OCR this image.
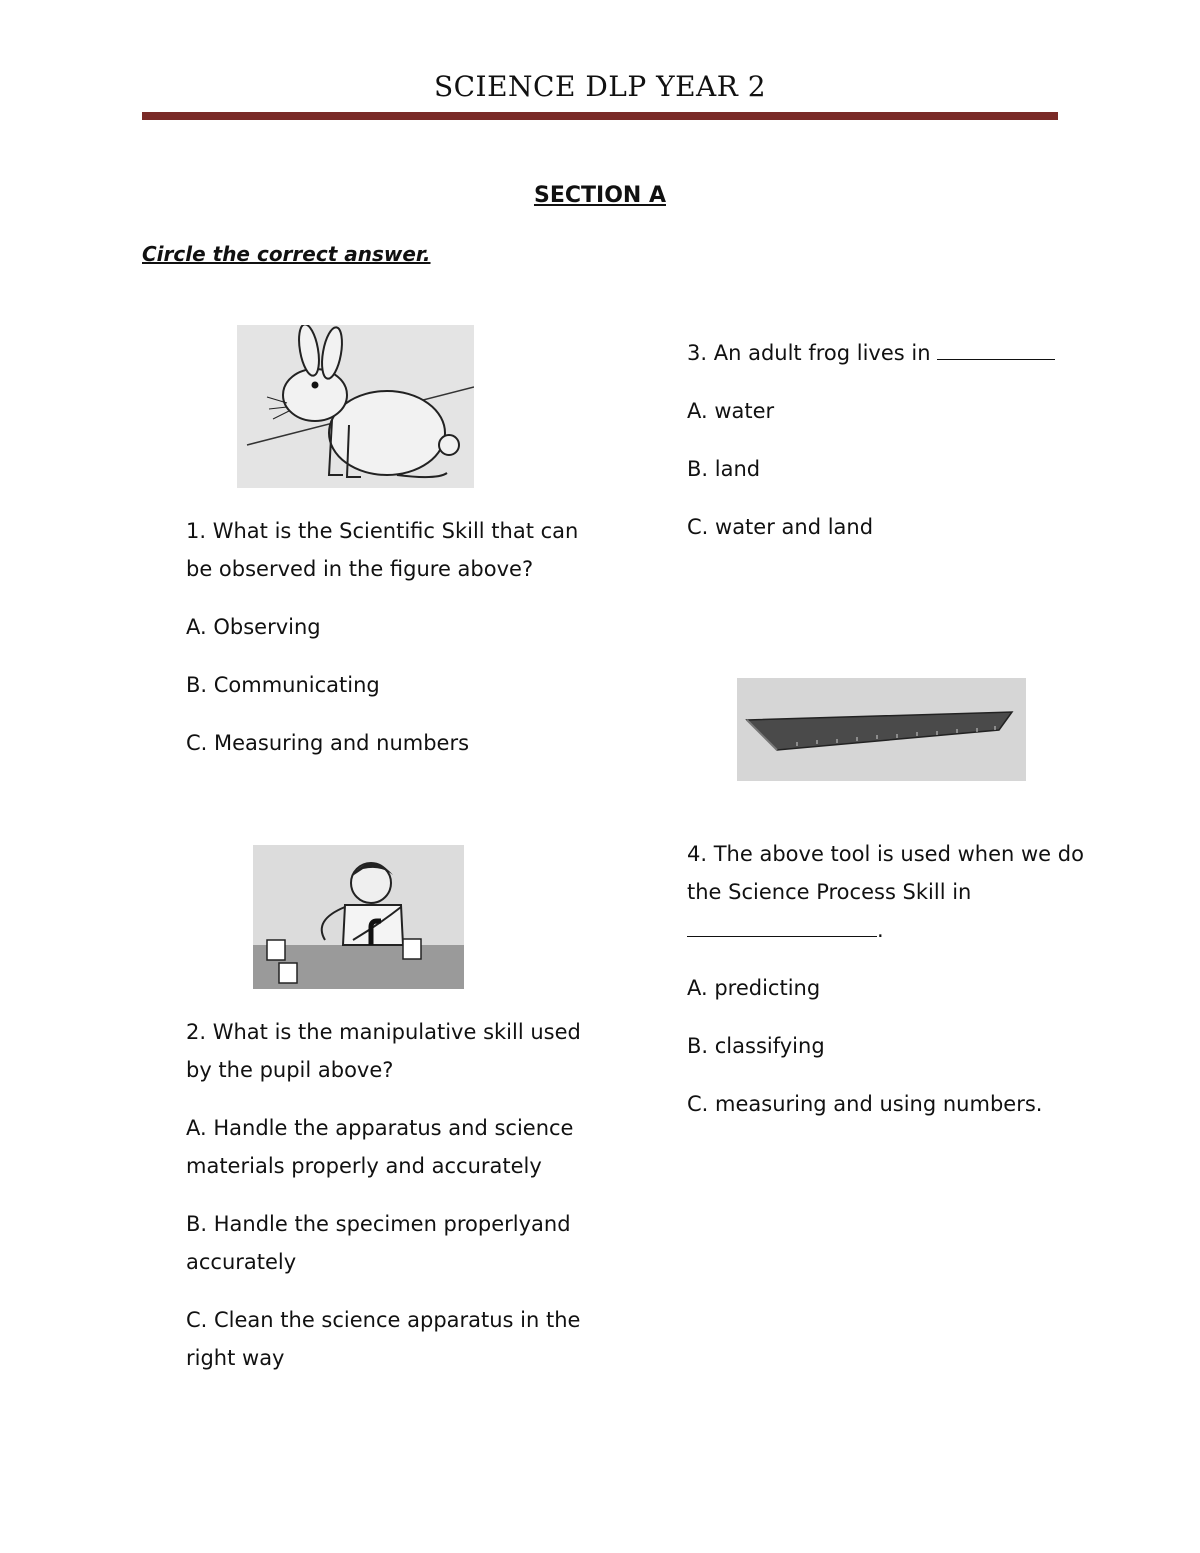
SCIENCE DLP YEAR 2
SECTION A
Circle the correct answer.

1. What is the Scientific Skill that can be observed in the figure above?

A. Observing
B. Communicating
C. Measuring and numbers

2. What is the manipulative skill used by the pupil above?

A. Handle the apparatus and science materials properly and accurately
B. Handle the specimen properlyand accurately
C. Clean the science apparatus in the right way

3. An adult frog lives in

A. water
B. land
C. water and land

4. The above tool is used when we do the Science Process Skill in
.

A. predicting
B. classifying
C. measuring and using numbers.
